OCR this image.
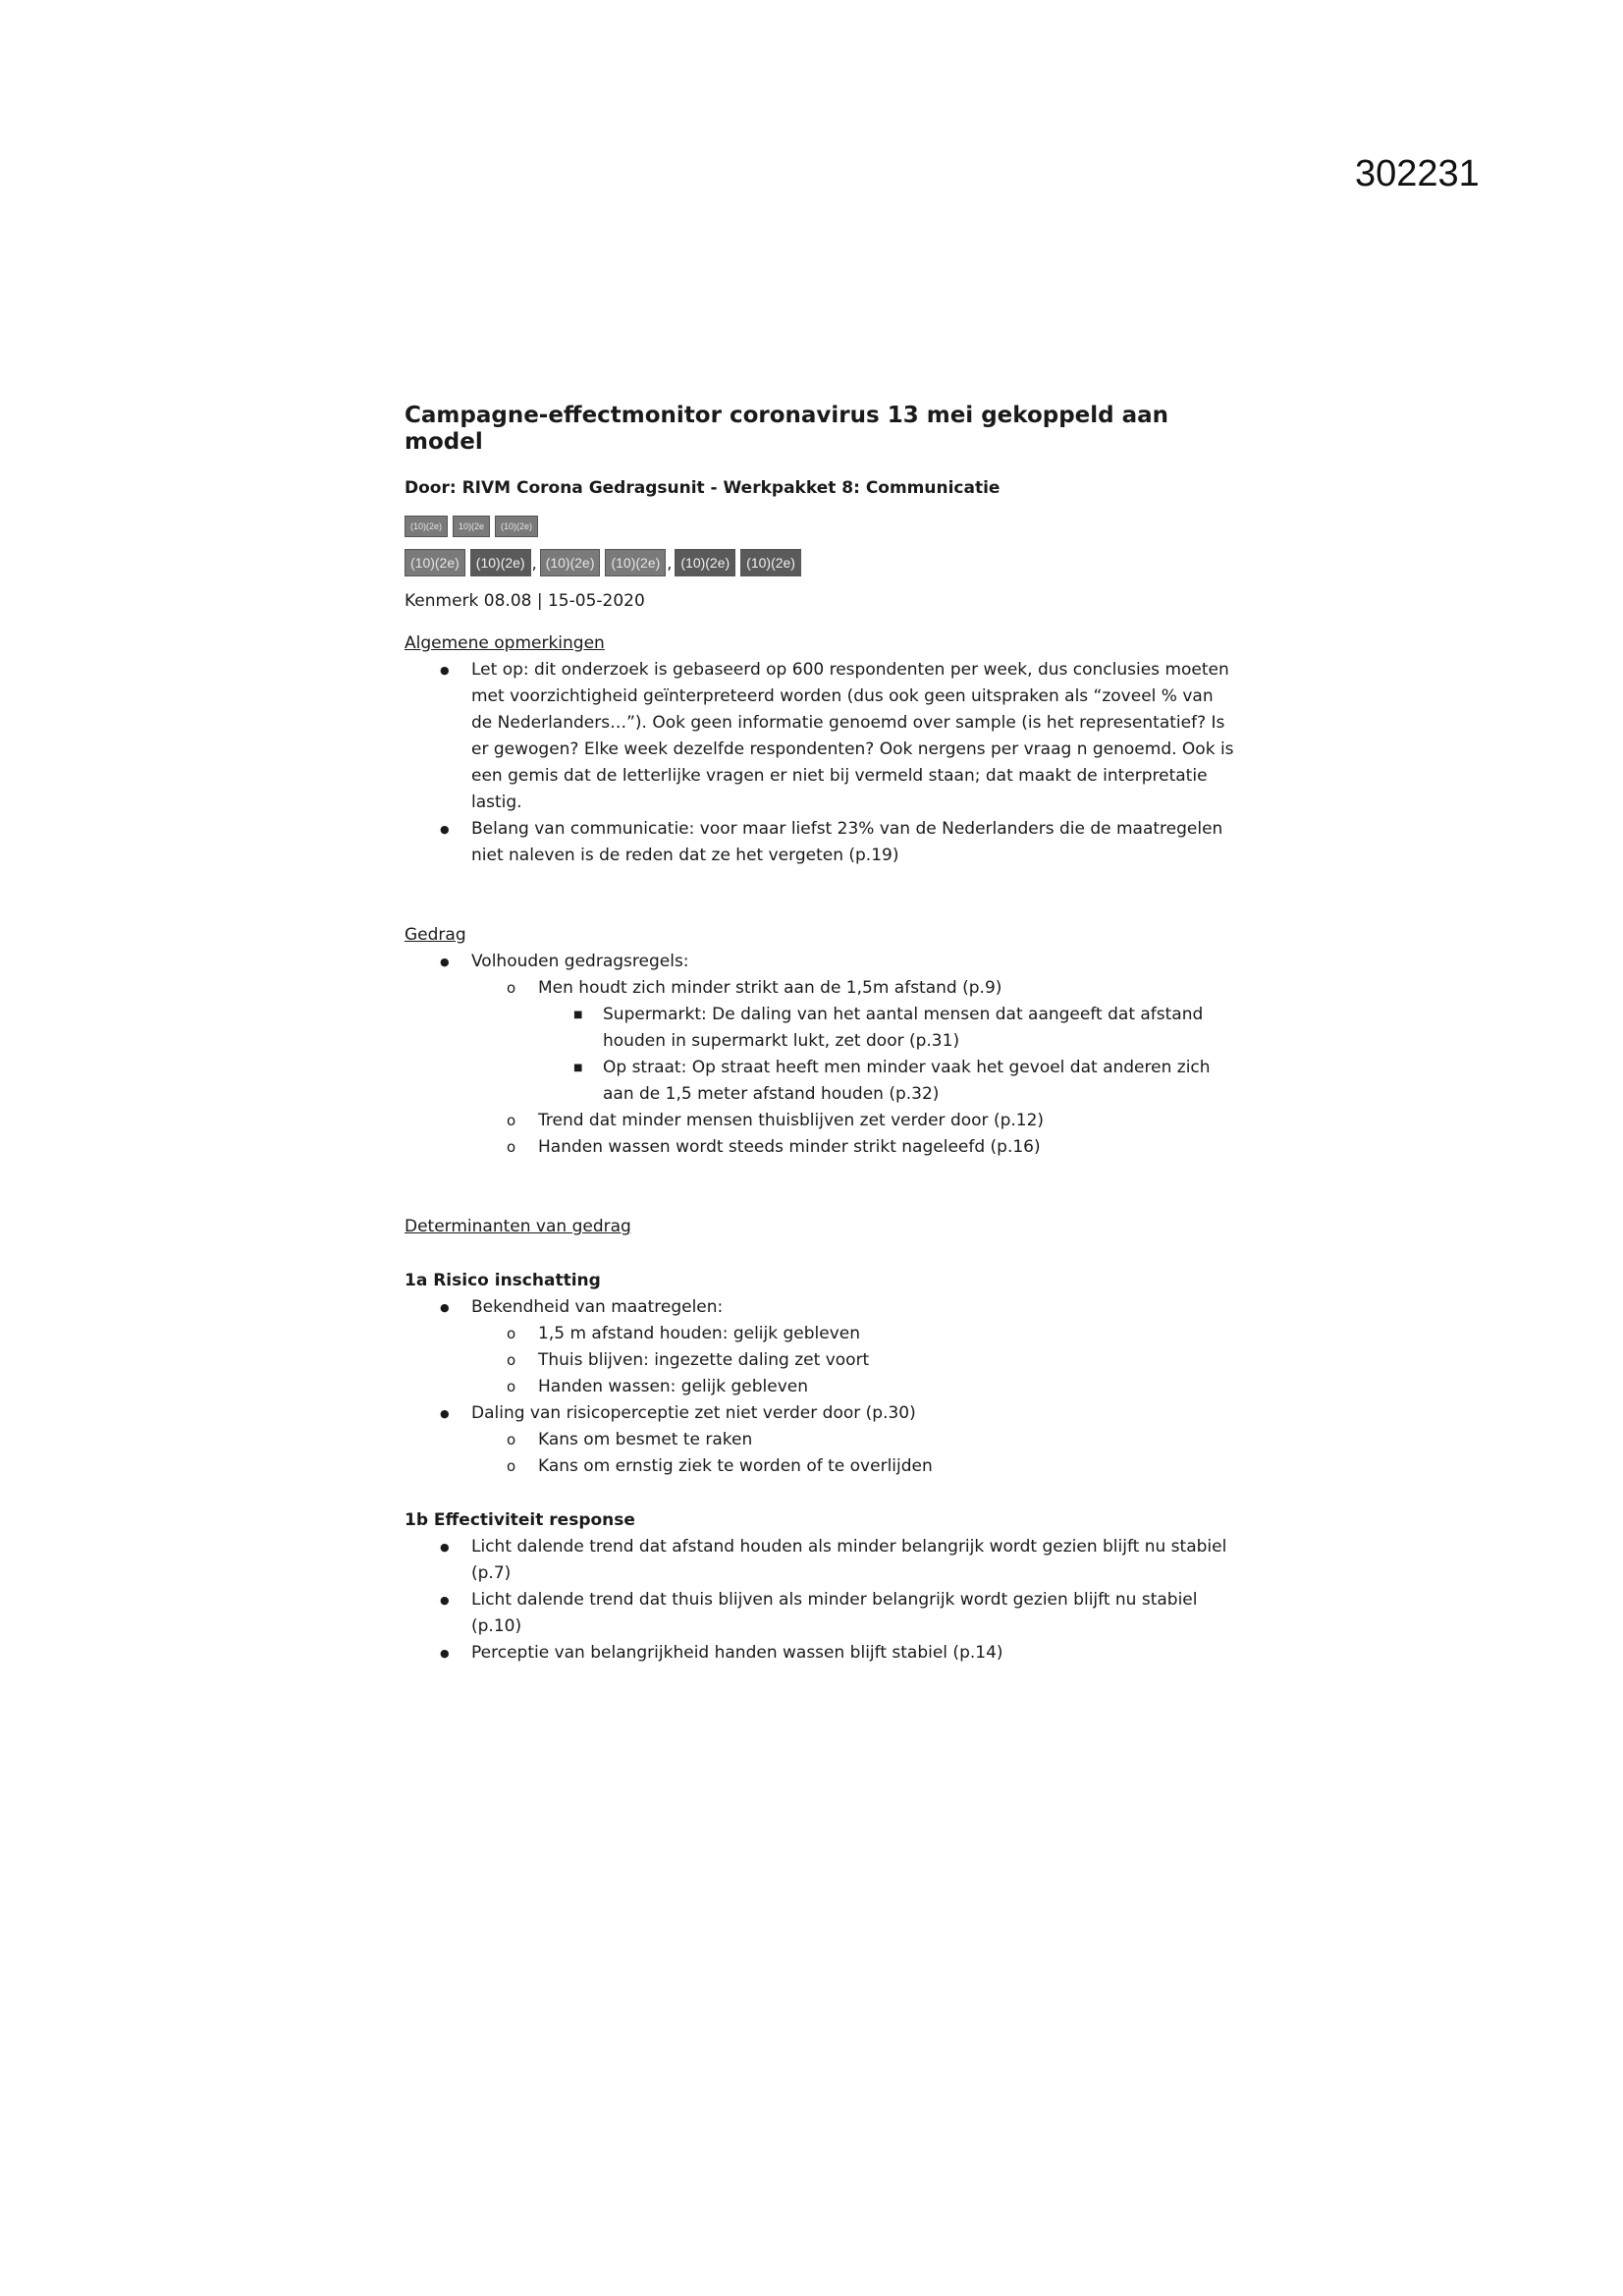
302231
Campagne-effectmonitor coronavirus 13 mei gekoppeld aan model
Door: RIVM Corona Gedragsunit - Werkpakket 8: Communicatie
(10)(2e)	10)(2e	(10)(2e)
(10)(2e)	(10)(2e) , (10)(2e)	(10)(2e) , (10)(2e)	(10)(2e)
Kenmerk 08.08 | 15-05-2020
Algemene opmerkingen
● Let op: dit onderzoek is gebaseerd op 600 respondenten per week, dus conclusies moeten met voorzichtigheid geïnterpreteerd worden (dus ook geen uitspraken als “zoveel % van de Nederlanders…”). Ook geen informatie genoemd over sample (is het representatief? Is er gewogen? Elke week dezelfde respondenten? Ook nergens per vraag n genoemd. Ook is een gemis dat de letterlijke vragen er niet bij vermeld staan; dat maakt de interpretatie lastig.
● Belang van communicatie: voor maar liefst 23% van de Nederlanders die de maatregelen niet naleven is de reden dat ze het vergeten (p.19)
Gedrag
● Volhouden gedragsregels:
o Men houdt zich minder strikt aan de 1,5m afstand (p.9)
■ Supermarkt: De daling van het aantal mensen dat aangeeft dat afstand houden in supermarkt lukt, zet door (p.31)
■ Op straat: Op straat heeft men minder vaak het gevoel dat anderen zich aan de 1,5 meter afstand houden (p.32)
o Trend dat minder mensen thuisblijven zet verder door (p.12)
o Handen wassen wordt steeds minder strikt nageleefd (p.16)
Determinanten van gedrag
1a Risico inschatting
● Bekendheid van maatregelen:
o 1,5 m afstand houden: gelijk gebleven
o Thuis blijven: ingezette daling zet voort
o Handen wassen: gelijk gebleven
● Daling van risicoperceptie zet niet verder door (p.30)
o Kans om besmet te raken
o Kans om ernstig ziek te worden of te overlijden
1b Effectiviteit response
● Licht dalende trend dat afstand houden als minder belangrijk wordt gezien blijft nu stabiel (p.7)
● Licht dalende trend dat thuis blijven als minder belangrijk wordt gezien blijft nu stabiel (p.10)
● Perceptie van belangrijkheid handen wassen blijft stabiel (p.14)
